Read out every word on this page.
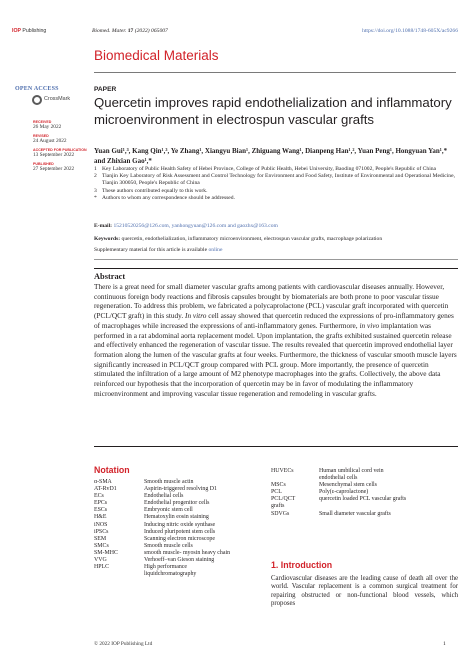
IOP Publishing	Biomed. Mater. 17 (2022) 065007	https://doi.org/10.1088/1748-605X/ac9266
Biomedical Materials
OPEN ACCESS
CrossMark
RECEIVED
26 May 2022
REVISED
24 August 2022
ACCEPTED FOR PUBLICATION
13 September 2022
PUBLISHED
27 September 2022
PAPER
Quercetin improves rapid endothelialization and inflammatory microenvironment in electrospun vascular grafts
Yuan Gui¹,³, Kang Qin¹,³, Ye Zhang¹, Xiangyu Bian¹, Zhiguang Wang¹, Dianpeng Han¹,², Yuan Peng¹, Hongyuan Yan¹,* and Zhixian Gao¹,*
1 Key Laboratory of Public Health Safety of Hebei Province, College of Public Health, Hebei University, Baoding 071002, People's Republic of China
2 Tianjin Key Laboratory of Risk Assessment and Control Technology for Environment and Food Safety, Institute of Environmental and Operational Medicine, Tianjin 300050, People's Republic of China
3 These authors contributed equally to this work.
* Authors to whom any correspondence should be addressed.
E-mail: 15210520256@126.com, yanhongyuan@126.com and gaozhx@163.com
Keywords: quercetin, endothelialization, inflammatory microenvironment, electrospun vascular grafts, macrophage polarization
Supplementary material for this article is available online
Abstract
There is a great need for small diameter vascular grafts among patients with cardiovascular diseases annually. However, continuous foreign body reactions and fibrosis capsules brought by biomaterials are both prone to poor vascular tissue regeneration. To address this problem, we fabricated a polycaprolactone (PCL) vascular graft incorporated with quercetin (PCL/QCT graft) in this study. In vitro cell assay showed that quercetin reduced the expressions of pro-inflammatory genes of macrophages while increased the expressions of anti-inflammatory genes. Furthermore, in vivo implantation was performed in a rat abdominal aorta replacement model. Upon implantation, the grafts exhibited sustained quercetin release and effectively enhanced the regeneration of vascular tissue. The results revealed that quercetin improved endothelial layer formation along the lumen of the vascular grafts at four weeks. Furthermore, the thickness of vascular smooth muscle layers significantly increased in PCL/QCT group compared with PCL group. More importantly, the presence of quercetin stimulated the infiltration of a large amount of M2 phenotype macrophages into the grafts. Collectively, the above data reinforced our hypothesis that the incorporation of quercetin may be in favor of modulating the inflammatory microenvironment and improving vascular tissue regeneration and remodeling in vascular grafts.
Notation
α-SMA	Smooth muscle actin
AT-RvD1	Aspirin-triggered resolving D1
ECs	Endothelial cells
EPCs	Endothelial progenitor cells
ESCs	Embryonic stem cell
H&E	Hematoxylin eosin staining
iNOS	Inducing nitric oxide synthase
iPSCs	Induced pluripotent stem cells
SEM	Scanning electron microscope
SMCs	Smooth muscle cells
SM-MHC	smooth muscle- myosin heavy chain
VVG	Verhoeff–van Gieson staining
HPLC	High performance
liquidchromatography
HUVECs	Human umbilical cord vein
endothelial cells
MSCs	Mesenchymal stem cells
PCL	Poly(ε-caprolactone)
PCL/QCT	quercetin loaded PCL vascular grafts
grafts
SDVGs	Small diameter vascular grafts
1. Introduction
Cardiovascular diseases are the leading cause of death all over the world. Vascular replacement is a common surgical treatment for repairing obstructed or non-functional blood vessels, which proposes
© 2022 IOP Publishing Ltd	1
